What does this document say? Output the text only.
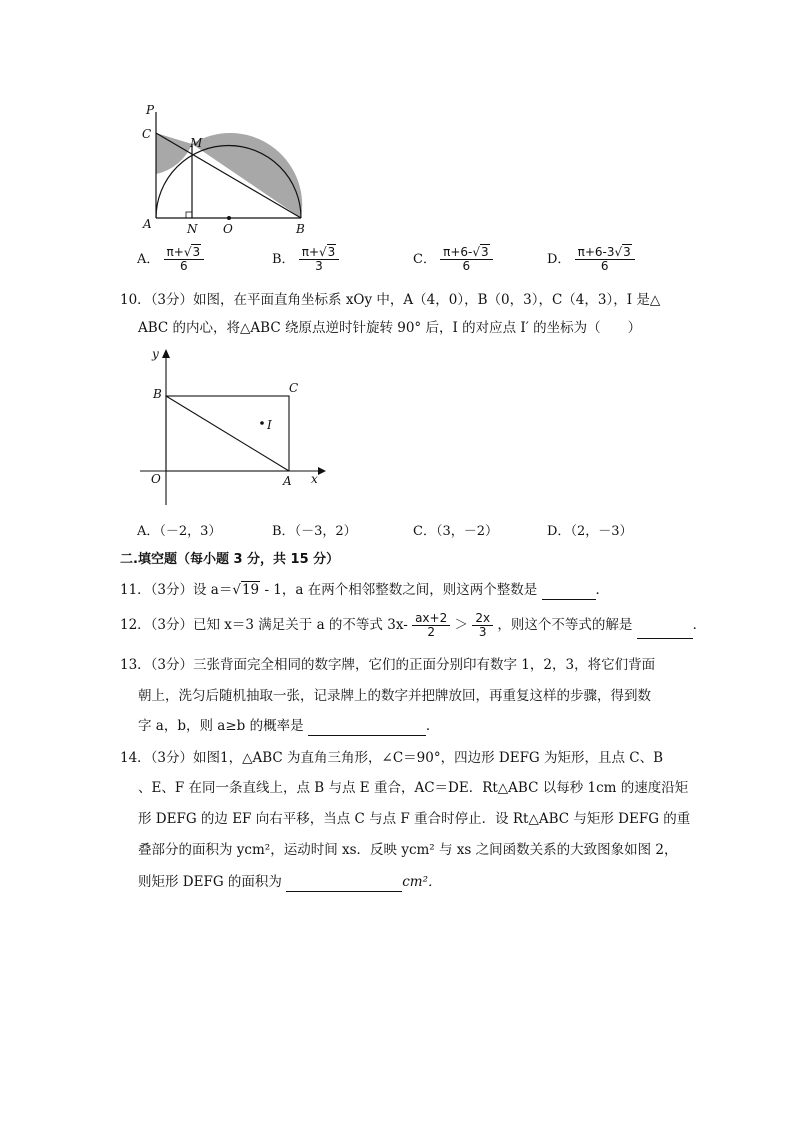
P
C
M
A	N O	B
A． $\frac{\pi+√3}{6}$	B． $\frac{\pi+√3}{3}$	C． $\frac{\pi+6-√3}{6}$	D． $\frac{\pi+6-3√3}{6}$
10．（3分）如图，在平面直角坐标系 xOy 中，A（4，0），B（0，3），C（4，3），I 是△
ABC 的内心，将△ABC 绕原点逆时针旋转 90° 后，I 的对应点 I′ 的坐标为（　　）
y
B	C
I
O	A x
A．（－2，3）	B．（－3，2）	C．（3，－2）	D．（2，－3）
二.填空题（每小题 3 分，共 15 分）
11．（3分）设 a＝√19 - 1，a 在两个相邻整数之间，则这两个整数是	．
12．（3分）已知 x＝3 满足关于 a 的不等式 $3x- \frac{ax+2}{2} > \frac{2x}{3}$ ，则这个不等式的解是	．
13．（3分）三张背面完全相同的数字牌，它们的正面分别印有数字 1，2，3，将它们背面
朝上，洗匀后随机抽取一张，记录牌上的数字并把牌放回，再重复这样的步骤，得到数
字 a，b，则 a≥b 的概率是	．
14．（3分）如图1，△ABC 为直角三角形，∠C＝90°，四边形 DEFG 为矩形，且点 C、B
、E、F 在同一条直线上，点 B 与点 E 重合，AC＝DE．Rt△ABC 以每秒 1cm 的速度沿矩
形 DEFG 的边 EF 向右平移，当点 C 与点 F 重合时停止．设 Rt△ABC 与矩形 DEFG 的重
叠部分的面积为 ycm²，运动时间 xs．反映 ycm² 与 xs 之间函数关系的大致图象如图 2，
则矩形 DEFG 的面积为	cm²．
